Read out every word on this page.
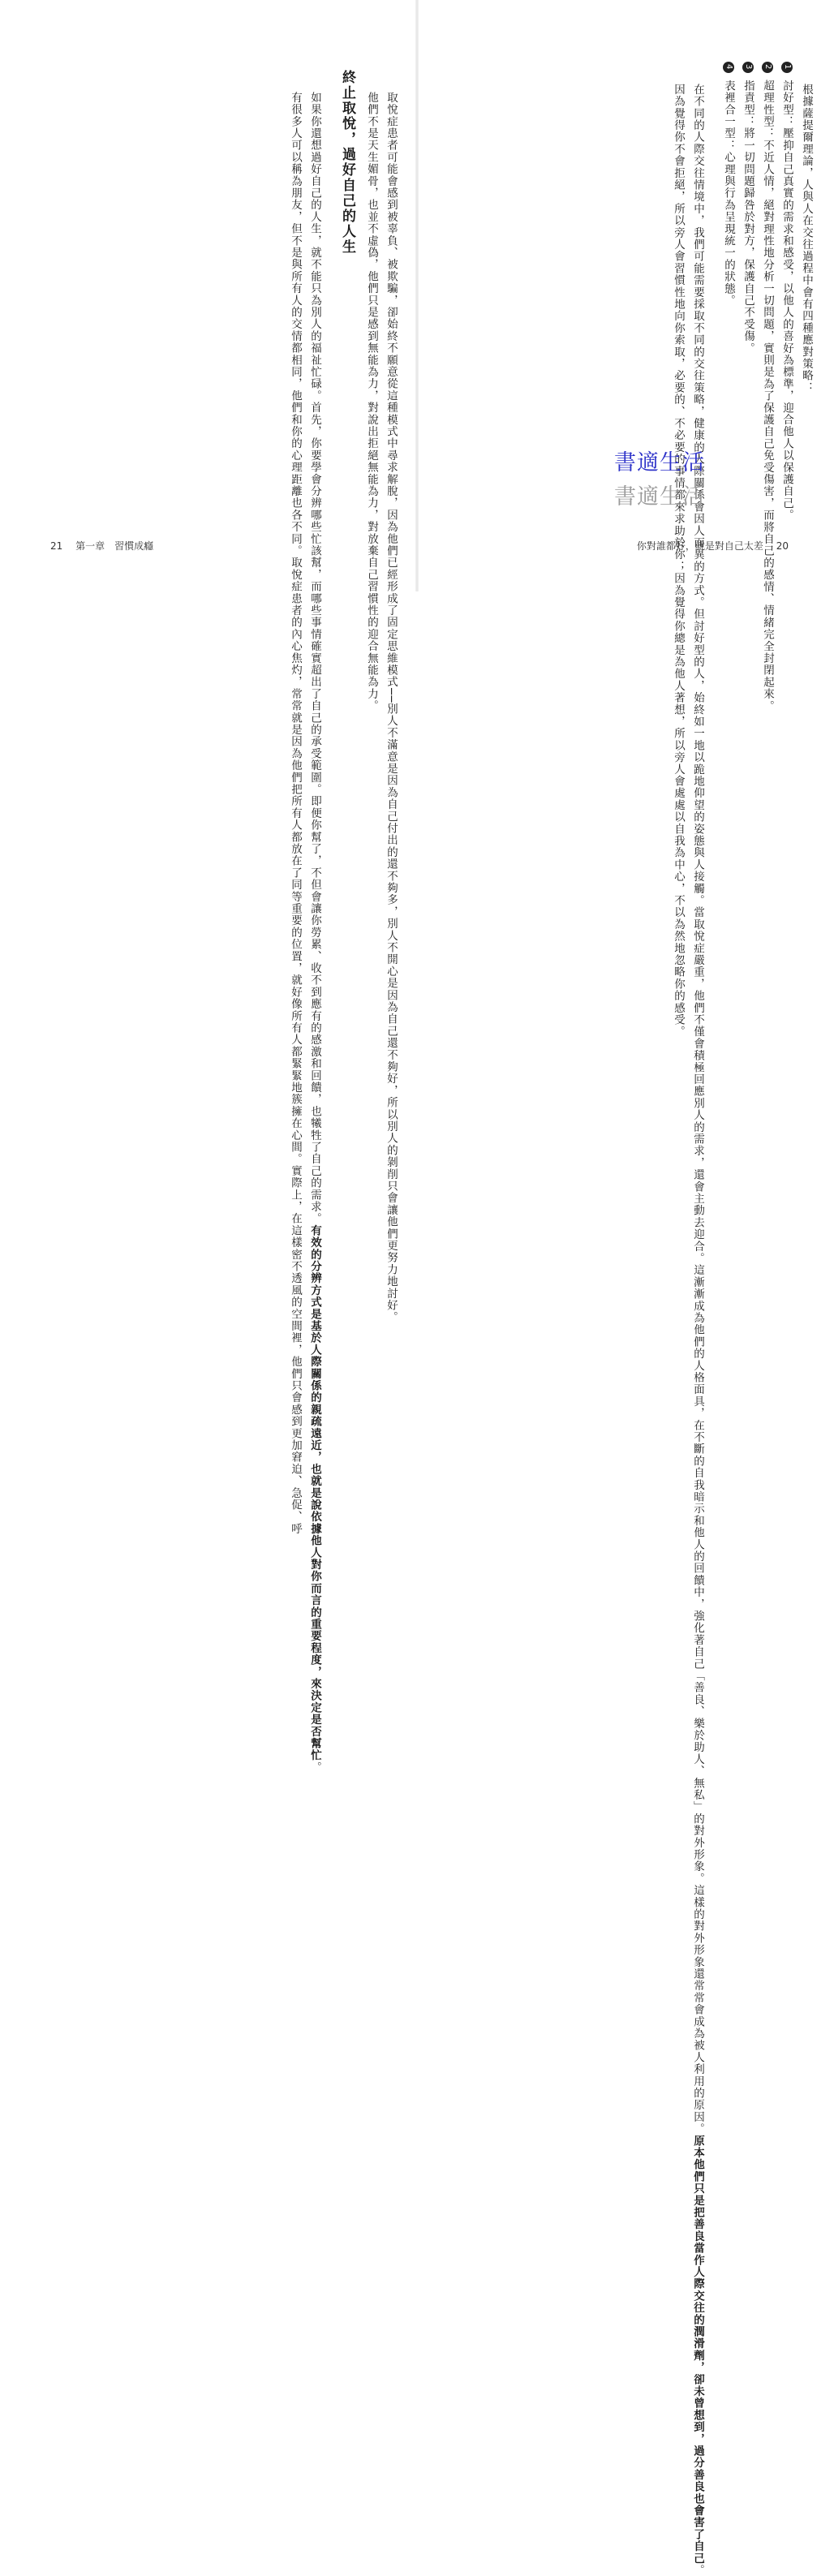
取悅症患者可能會感到被辜負、被欺騙，卻始終不願意從這種模式中尋求解脫，因為他們已經形成了固定思維模式──別人不滿意是因為自己付出的還不夠多，別人不開心是因為自己還不夠好，所以別人的剝削只會讓他們更努力地討好。
他們不是天生媚骨，也並不虛偽，他們只是感到無能為力，對說出拒絕無能為力，對放棄自己習慣性的迎合無能為力。
終止取悅，過好自己的人生
如果你還想過好自己的人生，就不能只為別人的福祉忙碌。首先，你要學會分辨哪些忙該幫，而哪些事情確實超出了自己的承受範圍。即便你幫了，不但會讓你勞累、收不到應有的感激和回饋，也犧牲了自己的需求。有效的分辨方式是基於人際關係的親疏遠近，也就是說依據他人對你而言的重要程度，來決定是否幫忙。
有很多人可以稱為朋友，但不是與所有人的交情都相同，他們和你的心理距離也各不同。取悅症患者的內心焦灼，常常就是因為他們把所有人都放在了同等重要的位置，就好像所有人都緊緊地簇擁在心間。實際上，在這樣密不透風的空間裡，他們只會感到更加窘迫、急促、呼
21 第一章　習慣成癮
根據薩提爾理論，人與人在交往過程中會有四種應對策略：
1 討好型：壓抑自己真實的需求和感受，以他人的喜好為標準，迎合他人以保護自己。
2 超理性型：不近人情，絕對理性地分析一切問題，實則是為了保護自己免受傷害，而將自己的感情、情緒完全封閉起來。
3 指責型：將一切問題歸咎於對方，保護自己不受傷。
4 表裡合一型：心理與行為呈現統一的狀態。
在不同的人際交往情境中，我們可能需要採取不同的交往策略，健康的人際關係會因人而異的方式。但討好型的人，始終如一地以跪地仰望的姿態與人接觸。當取悅症嚴重，他們不僅會積極回應別人的需求，還會主動去迎合。這漸漸成為他們的人格面具，在不斷的自我暗示和他人的回饋中，強化著自己「善良、樂於助人、無私」的對外形象。這樣的對外形象還常常會成為被人利用的原因。原本他們只是把善良當作人際交往的潤滑劑，卻未曾想到，過分善良也會害了自己。
因為覺得你不會拒絕，所以旁人會習慣性地向你索取，必要的、不必要的事情都來求助於你；因為覺得你總是為他人著想，所以旁人會處處以自我為中心，不以為然地忽略你的感受。
你對誰都好，就是對自己太差 20
書適生活
書適生活
